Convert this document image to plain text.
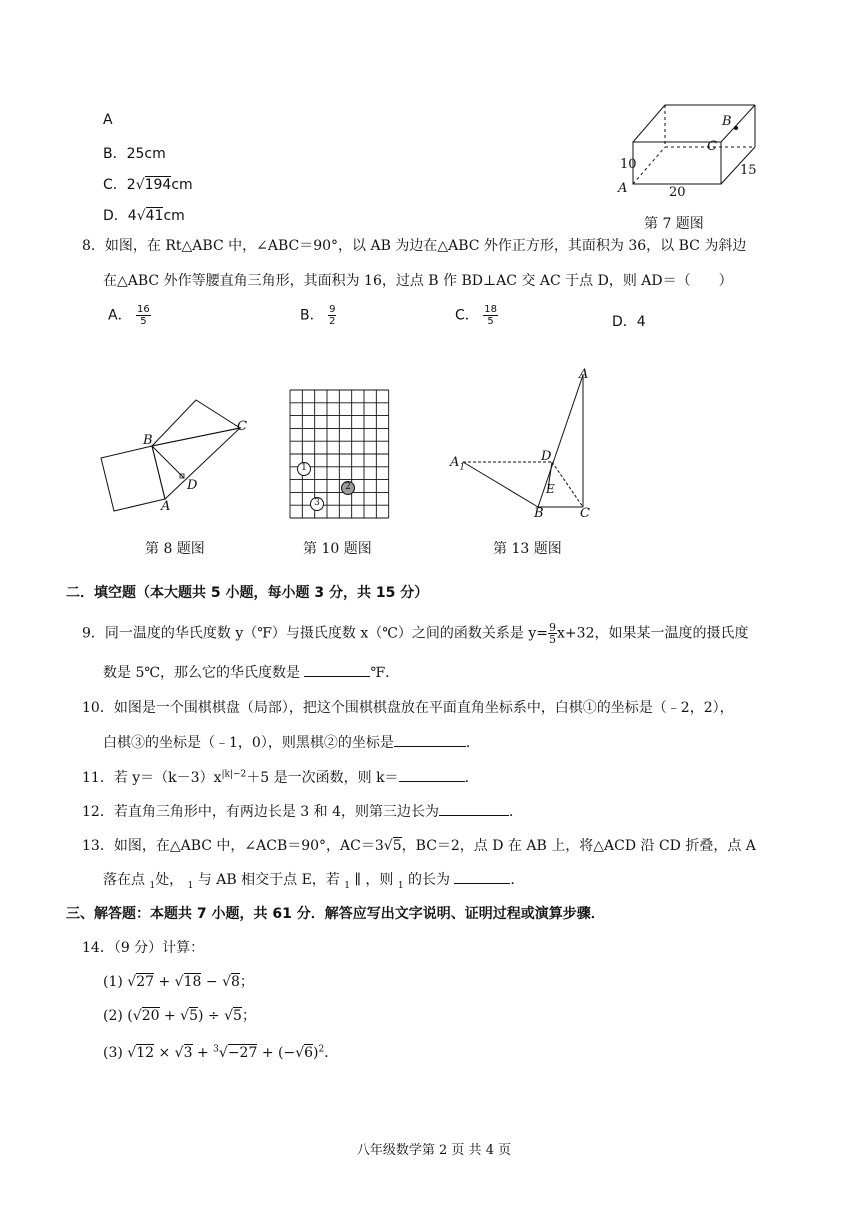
A
B．25cm
C．2√194cm
D．4√41cm
B
C
A
10
20
15
第 7 题图
8．如图，在 Rt△ABC 中，∠ABC＝90°，以 AB 为边在△ABC 外作正方形，其面积为 36，以 BC 为斜边
在△ABC 外作等腰直角三角形，其面积为 16，过点 B 作 BD⊥AC 交 AC 于点 D，则 AD＝（　　）
A． $\frac{16}{5}$	B． $\frac{9}{2}$	C． $\frac{18}{5}$	D．4
B
C
D
A
第 8 题图
1
2
3
第 10 题图
A
$A_1$
D
E
B	C
第 13 题图
二．填空题（本大题共 5 小题，每小题 3 分，共 15 分）
9．同一温度的华氏度数 y（℉）与摄氏度数 x（℃）之间的函数关系是 $y= \frac{9}{5} x+32$，如果某一温度的摄氏度
数是 5℃，那么它的华氏度数是	℉．
10．如图是一个围棋棋盘（局部），把这个围棋棋盘放在平面直角坐标系中，白棋①的坐标是（﹣2，2），
白棋③的坐标是（﹣1，0），则黑棋②的坐标是	．
11．若 $y=(k-3)x^{|k|-2}+5$ 是一次函数，则 k＝	．
12．若直角三角形中，有两边长是 3 和 4，则第三边长为	．
13．如图，在△ABC 中，∠ACB＝90°，AC＝3√5，BC＝2，点 D 在 AB 上，将△ACD 沿 CD 折叠，点 A
落在点 $_1$处， $_1$ 与 AB 相交于点 E，若 $_1$ ∥ ，则 $_1$ 的长为	．
三、解答题：本题共 7 小题，共 61 分．解答应写出文字说明、证明过程或演算步骤．
14．（9 分）计算：
(1) √27 + √18 − √8；
(2) (√20 + √5) ÷ √5；
(3) $√12 \times √3 + ^3√-27 + (-√6)^2$．
八年级数学第 2 页 共 4 页
